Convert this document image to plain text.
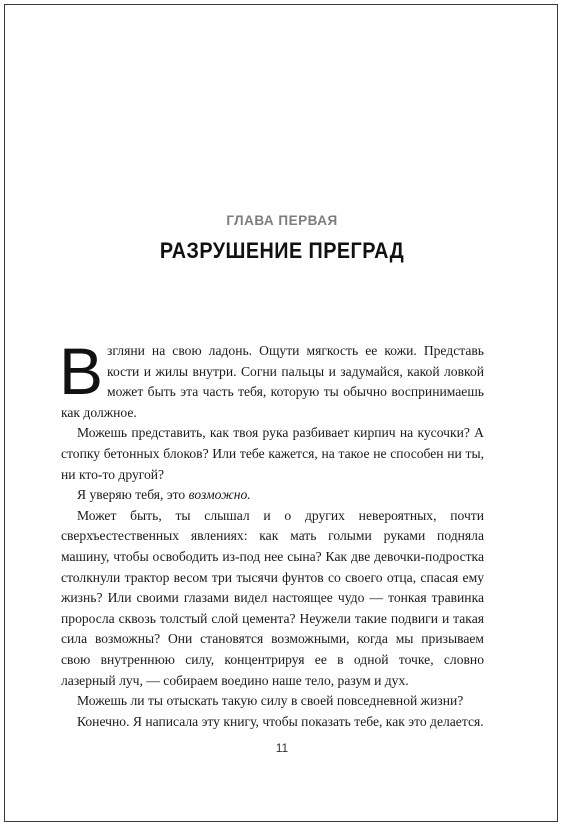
ГЛАВА ПЕРВАЯ
РАЗРУШЕНИЕ ПРЕГРАД

Взгляни на свою ладонь. Ощути мягкость ее кожи. Представь кости и жилы внутри. Согни пальцы и задумайся, какой ловкой может быть эта часть тебя, которую ты обычно воспринимаешь как должное.

Можешь представить, как твоя рука разбивает кирпич на кусочки? А стопку бетонных блоков? Или тебе кажется, на такое не способен ни ты, ни кто-то другой?

Я уверяю тебя, это возможно.

Может быть, ты слышал и о других невероятных, почти сверхъестественных явлениях: как мать голыми руками подняла машину, чтобы освободить из-под нее сына? Как две девочки-подростка столкнули трактор весом три тысячи фунтов со своего отца, спасая ему жизнь? Или своими глазами видел настоящее чудо — тонкая травинка проросла сквозь толстый слой цемента? Неужели такие подвиги и такая сила возможны? Они становятся возможными, когда мы призываем свою внутреннюю силу, концентрируя ее в одной точке, словно лазерный луч, — собираем воедино наше тело, разум и дух.

Можешь ли ты отыскать такую силу в своей повседневной жизни?

Конечно. Я написала эту книгу, чтобы показать тебе, как это делается.

11
